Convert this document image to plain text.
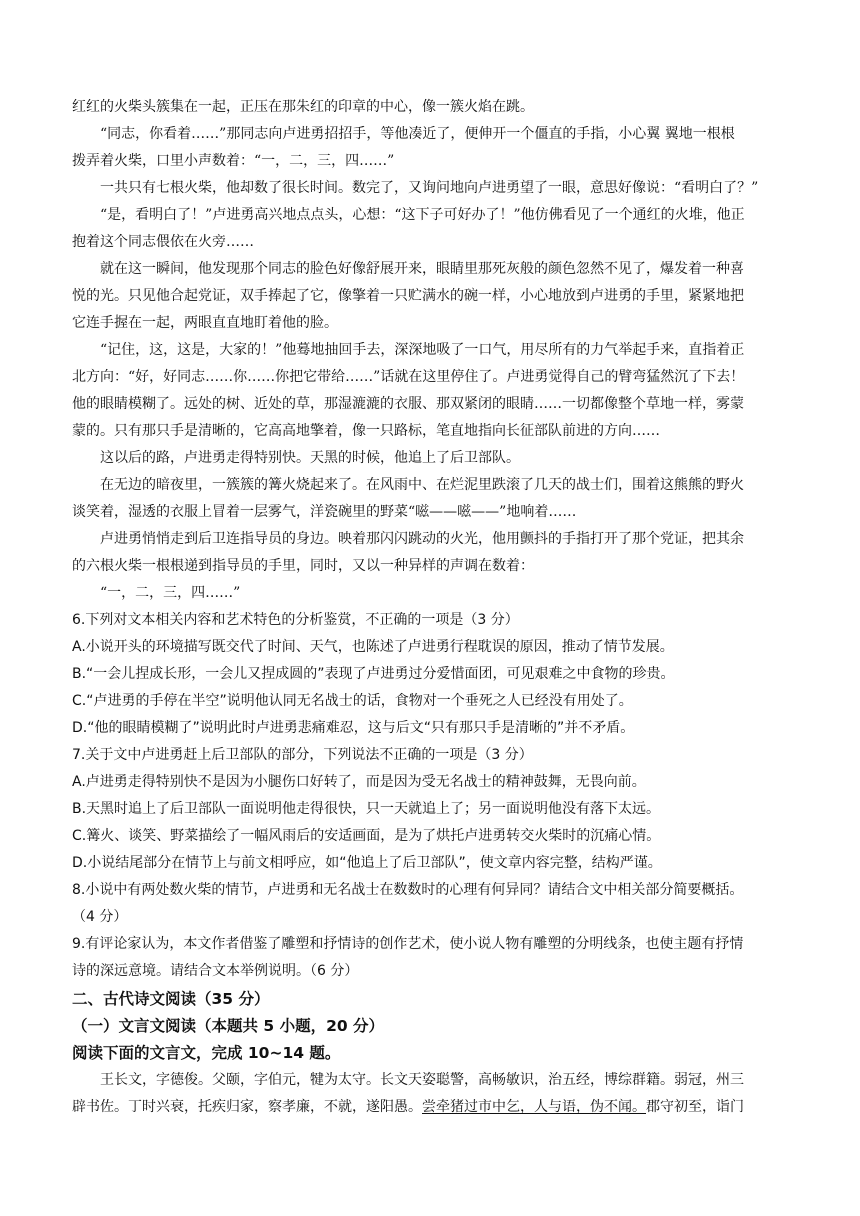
红红的火柴头簇集在一起，正压在那朱红的印章的中心，像一簇火焰在跳。
“同志，你看着……”那同志向卢进勇招招手，等他凑近了，便伸开一个僵直的手指，小心翼 翼地一根根
拨弄着火柴，口里小声数着：“一，二，三，四……”
一共只有七根火柴，他却数了很长时间。数完了，又询问地向卢进勇望了一眼，意思好像说：“看明白了？”
“是，看明白了！”卢进勇高兴地点点头，心想：“这下子可好办了！”他仿佛看见了一个通红的火堆，他正
抱着这个同志偎依在火旁……
就在这一瞬间，他发现那个同志的脸色好像舒展开来，眼睛里那死灰般的颜色忽然不见了，爆发着一种喜
悦的光。只见他合起党证，双手捧起了它，像擎着一只贮满水的碗一样，小心地放到卢进勇的手里，紧紧地把
它连手握在一起，两眼直直地盯着他的脸。
“记住，这，这是，大家的！”他蓦地抽回手去，深深地吸了一口气，用尽所有的力气举起手来，直指着正
北方向：“好，好同志……你……你把它带给……”话就在这里停住了。卢进勇觉得自己的臂弯猛然沉了下去！
他的眼睛模糊了。远处的树、近处的草，那湿漉漉的衣服、那双紧闭的眼睛……一切都像整个草地一样，雾蒙
蒙的。只有那只手是清晰的，它高高地擎着，像一只路标，笔直地指向长征部队前进的方向……
这以后的路，卢进勇走得特别快。天黑的时候，他追上了后卫部队。
在无边的暗夜里，一簇簇的篝火烧起来了。在风雨中、在烂泥里跌滚了几天的战士们，围着这熊熊的野火
谈笑着，湿透的衣服上冒着一层雾气，洋瓷碗里的野菜“嗞——嗞——”地响着……
卢进勇悄悄走到后卫连指导员的身边。映着那闪闪跳动的火光，他用颤抖的手指打开了那个党证，把其余
的六根火柴一根根递到指导员的手里，同时，又以一种异样的声调在数着：
“一，二，三，四……”
6.下列对文本相关内容和艺术特色的分析鉴赏，不正确的一项是（3 分）
A.小说开头的环境描写既交代了时间、天气，也陈述了卢进勇行程耽误的原因，推动了情节发展。
B.“一会儿捏成长形，一会儿又捏成圆的”表现了卢进勇过分爱惜面团，可见艰难之中食物的珍贵。
C.“卢进勇的手停在半空”说明他认同无名战士的话，食物对一个垂死之人已经没有用处了。
D.“他的眼睛模糊了”说明此时卢进勇悲痛难忍，这与后文“只有那只手是清晰的”并不矛盾。
7.关于文中卢进勇赶上后卫部队的部分，下列说法不正确的一项是（3 分）
A.卢进勇走得特别快不是因为小腿伤口好转了，而是因为受无名战士的精神鼓舞，无畏向前。
B.天黑时追上了后卫部队一面说明他走得很快，只一天就追上了；另一面说明他没有落下太远。
C.篝火、谈笑、野菜描绘了一幅风雨后的安适画面，是为了烘托卢进勇转交火柴时的沉痛心情。
D.小说结尾部分在情节上与前文相呼应，如“他追上了后卫部队”，使文章内容完整，结构严谨。
8.小说中有两处数火柴的情节，卢进勇和无名战士在数数时的心理有何异同？请结合文中相关部分简要概括。
（4 分）
9.有评论家认为，本文作者借鉴了雕塑和抒情诗的创作艺术，使小说人物有雕塑的分明线条，也使主题有抒情
诗的深远意境。请结合文本举例说明。（6 分）
二、古代诗文阅读（35 分）
（一）文言文阅读（本题共 5 小题，20 分）
阅读下面的文言文，完成 10~14 题。
王长文，字德俊。父颐，字伯元，犍为太守。长文天姿聪警，高畅敏识，治五经，博综群籍。弱冠，州三
辟书佐。丁时兴衰，托疾归家，察孝廉，不就，遂阳愚。尝牵猪过市中乞，人与语，伪不闻。郡守初至，诣门
